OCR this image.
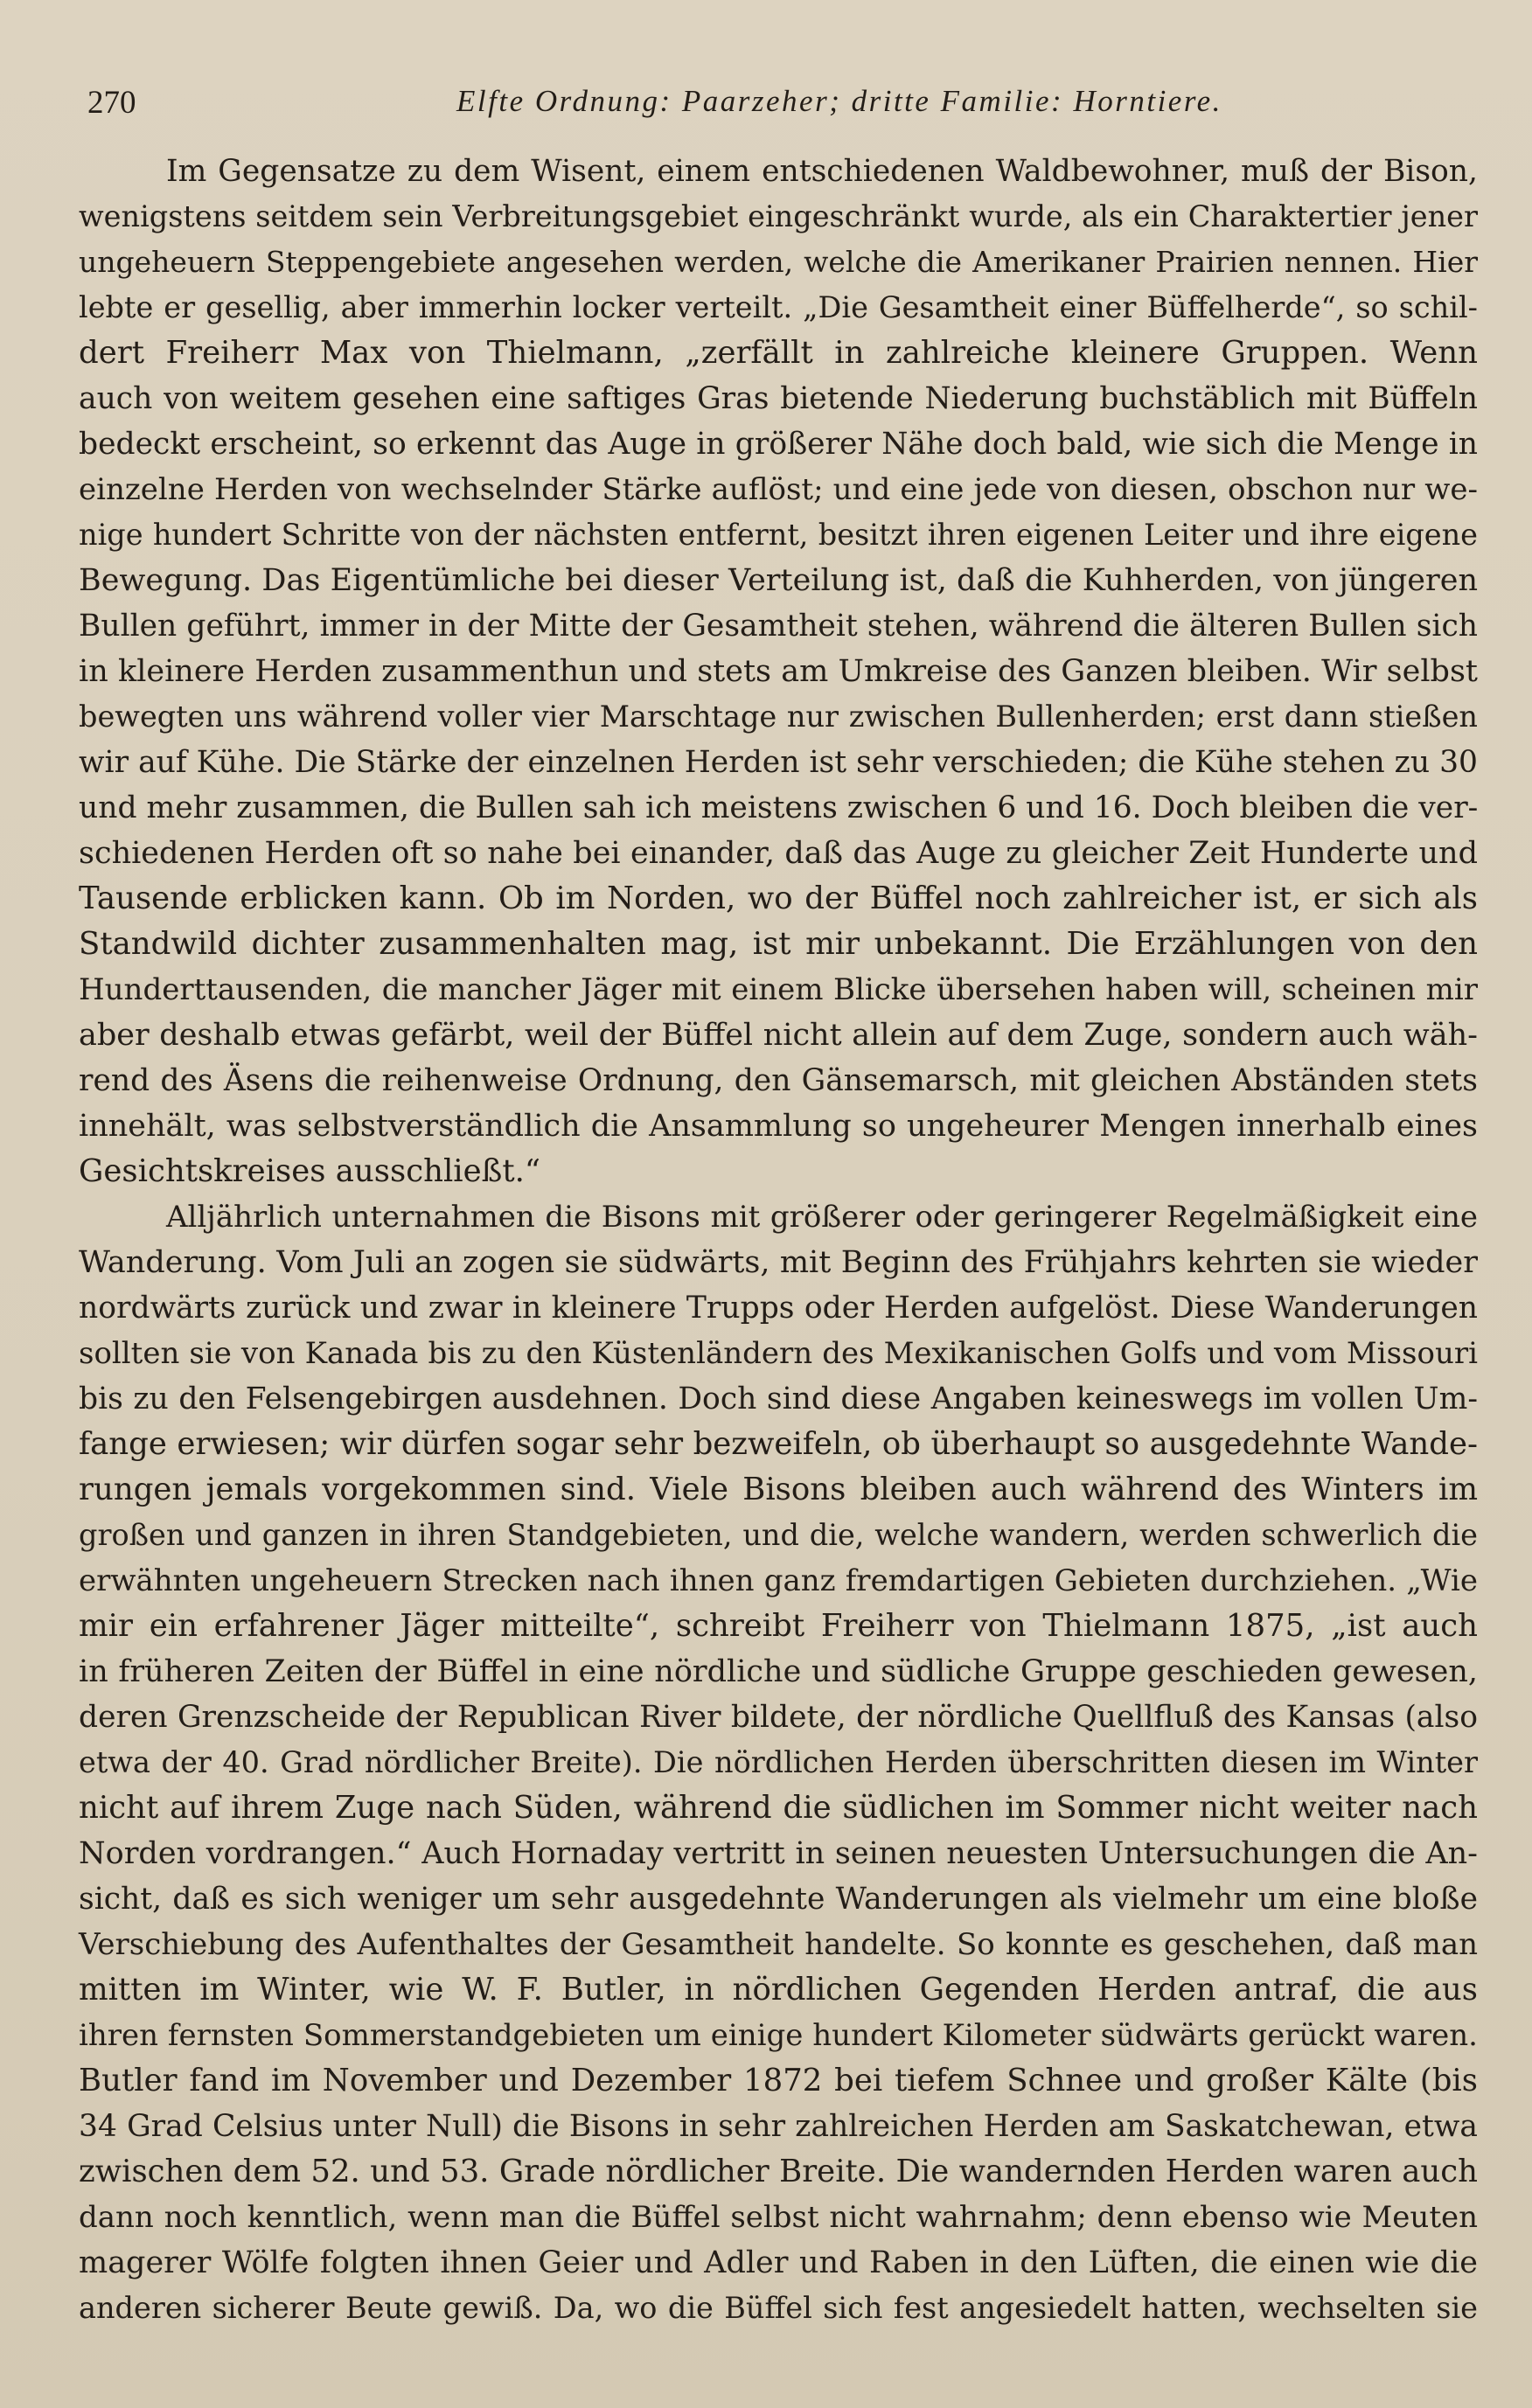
270	Elfte Ordnung: Paarzeher; dritte Familie: Horntiere.
Im Gegensatze zu dem Wisent, einem entschiedenen Waldbewohner, muß der Bison,
wenigstens seitdem sein Verbreitungsgebiet eingeschränkt wurde, als ein Charaktertier jener
ungeheuern Steppengebiete angesehen werden, welche die Amerikaner Prairien nennen. Hier
lebte er gesellig, aber immerhin locker verteilt. „Die Gesamtheit einer Büffelherde“, so schil-
dert Freiherr Max von Thielmann, „zerfällt in zahlreiche kleinere Gruppen. Wenn
auch von weitem gesehen eine saftiges Gras bietende Niederung buchstäblich mit Büffeln
bedeckt erscheint, so erkennt das Auge in größerer Nähe doch bald, wie sich die Menge in
einzelne Herden von wechselnder Stärke auflöst; und eine jede von diesen, obschon nur we-
nige hundert Schritte von der nächsten entfernt, besitzt ihren eigenen Leiter und ihre eigene
Bewegung. Das Eigentümliche bei dieser Verteilung ist, daß die Kuhherden, von jüngeren
Bullen geführt, immer in der Mitte der Gesamtheit stehen, während die älteren Bullen sich
in kleinere Herden zusammenthun und stets am Umkreise des Ganzen bleiben. Wir selbst
bewegten uns während voller vier Marschtage nur zwischen Bullenherden; erst dann stießen
wir auf Kühe. Die Stärke der einzelnen Herden ist sehr verschieden; die Kühe stehen zu 30
und mehr zusammen, die Bullen sah ich meistens zwischen 6 und 16. Doch bleiben die ver-
schiedenen Herden oft so nahe bei einander, daß das Auge zu gleicher Zeit Hunderte und
Tausende erblicken kann. Ob im Norden, wo der Büffel noch zahlreicher ist, er sich als
Standwild dichter zusammenhalten mag, ist mir unbekannt. Die Erzählungen von den
Hunderttausenden, die mancher Jäger mit einem Blicke übersehen haben will, scheinen mir
aber deshalb etwas gefärbt, weil der Büffel nicht allein auf dem Zuge, sondern auch wäh-
rend des Äsens die reihenweise Ordnung, den Gänsemarsch, mit gleichen Abständen stets
innehält, was selbstverständlich die Ansammlung so ungeheurer Mengen innerhalb eines
Gesichtskreises ausschließt.“
Alljährlich unternahmen die Bisons mit größerer oder geringerer Regelmäßigkeit eine
Wanderung. Vom Juli an zogen sie südwärts, mit Beginn des Frühjahrs kehrten sie wieder
nordwärts zurück und zwar in kleinere Trupps oder Herden aufgelöst. Diese Wanderungen
sollten sie von Kanada bis zu den Küstenländern des Mexikanischen Golfs und vom Missouri
bis zu den Felsengebirgen ausdehnen. Doch sind diese Angaben keineswegs im vollen Um-
fange erwiesen; wir dürfen sogar sehr bezweifeln, ob überhaupt so ausgedehnte Wande-
rungen jemals vorgekommen sind. Viele Bisons bleiben auch während des Winters im
großen und ganzen in ihren Standgebieten, und die, welche wandern, werden schwerlich die
erwähnten ungeheuern Strecken nach ihnen ganz fremdartigen Gebieten durchziehen. „Wie
mir ein erfahrener Jäger mitteilte“, schreibt Freiherr von Thielmann 1875, „ist auch
in früheren Zeiten der Büffel in eine nördliche und südliche Gruppe geschieden gewesen,
deren Grenzscheide der Republican River bildete, der nördliche Quellfluß des Kansas (also
etwa der 40. Grad nördlicher Breite). Die nördlichen Herden überschritten diesen im Winter
nicht auf ihrem Zuge nach Süden, während die südlichen im Sommer nicht weiter nach
Norden vordrangen.“ Auch Hornaday vertritt in seinen neuesten Untersuchungen die An-
sicht, daß es sich weniger um sehr ausgedehnte Wanderungen als vielmehr um eine bloße
Verschiebung des Aufenthaltes der Gesamtheit handelte. So konnte es geschehen, daß man
mitten im Winter, wie W. F. Butler, in nördlichen Gegenden Herden antraf, die aus
ihren fernsten Sommerstandgebieten um einige hundert Kilometer südwärts gerückt waren.
Butler fand im November und Dezember 1872 bei tiefem Schnee und großer Kälte (bis
34 Grad Celsius unter Null) die Bisons in sehr zahlreichen Herden am Saskatchewan, etwa
zwischen dem 52. und 53. Grade nördlicher Breite. Die wandernden Herden waren auch
dann noch kenntlich, wenn man die Büffel selbst nicht wahrnahm; denn ebenso wie Meuten
magerer Wölfe folgten ihnen Geier und Adler und Raben in den Lüften, die einen wie die
anderen sicherer Beute gewiß. Da, wo die Büffel sich fest angesiedelt hatten, wechselten sie
